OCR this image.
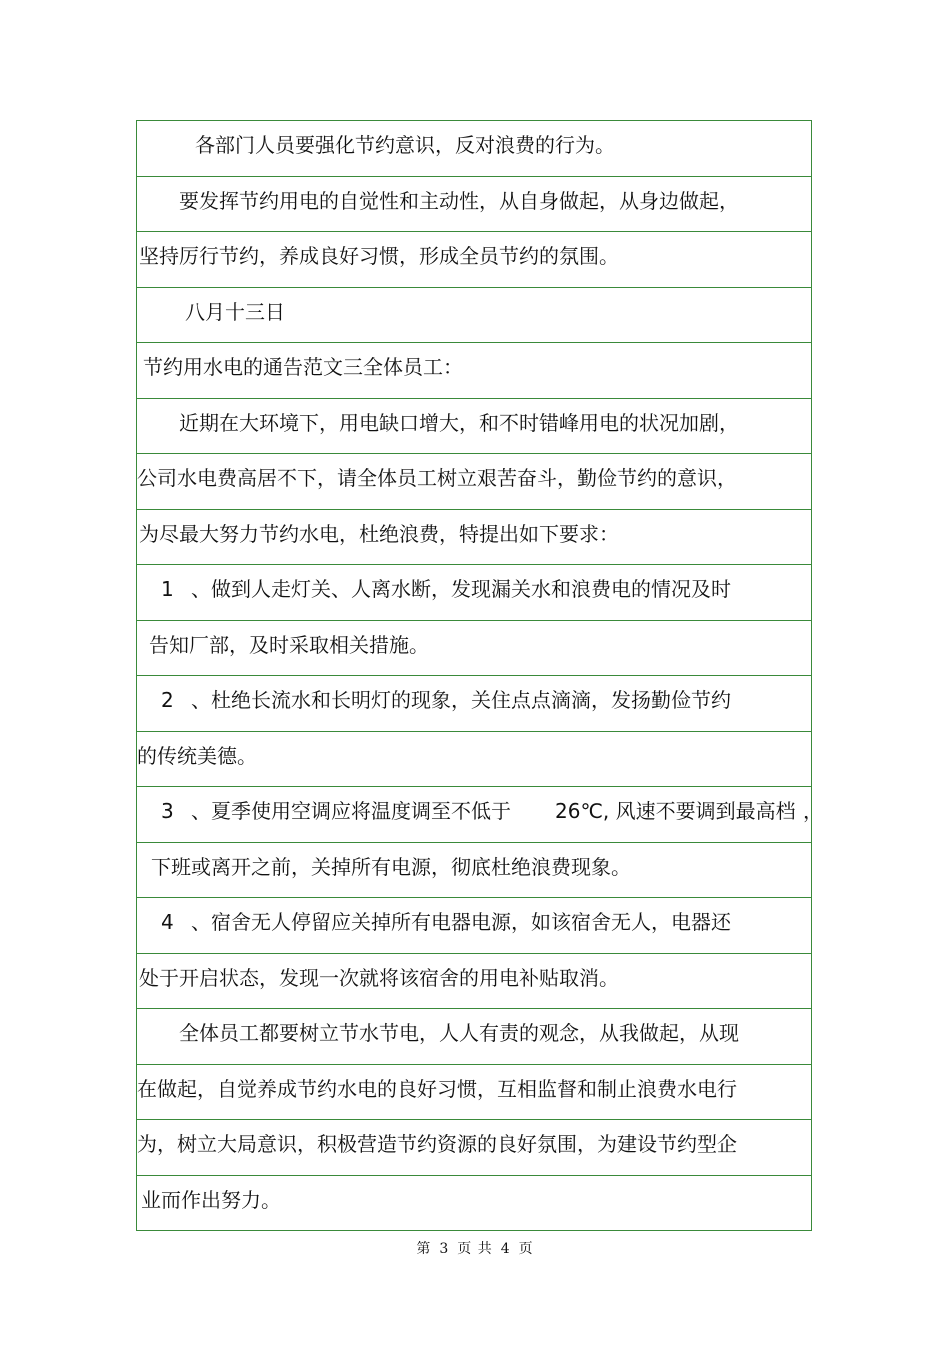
各部门人员要强化节约意识，反对浪费的行为。
要发挥节约用电的自觉性和主动性，从自身做起，从身边做起，
坚持厉行节约，养成良好习惯，形成全员节约的氛围。
八月十三日
节约用水电的通告范文三全体员工：
近期在大环境下，用电缺口增大，和不时错峰用电的状况加剧，
公司水电费高居不下，请全体员工树立艰苦奋斗，勤俭节约的意识，
为尽最大努力节约水电，杜绝浪费，特提出如下要求：
1 、做到人走灯关、人离水断，发现漏关水和浪费电的情况及时
告知厂部，及时采取相关措施。
2 、杜绝长流水和长明灯的现象，关住点点滴滴，发扬勤俭节约
的传统美德。
3 、夏季使用空调应将温度调至不低于 26℃, 风速不要调到最高档 ，
下班或离开之前，关掉所有电源，彻底杜绝浪费现象。
4 、宿舍无人停留应关掉所有电器电源，如该宿舍无人，电器还
处于开启状态，发现一次就将该宿舍的用电补贴取消。
全体员工都要树立节水节电，人人有责的观念，从我做起，从现
在做起，自觉养成节约水电的良好习惯，互相监督和制止浪费水电行
为，树立大局意识，积极营造节约资源的良好氛围，为建设节约型企
业而作出努力。
第 3 页 共 4 页
